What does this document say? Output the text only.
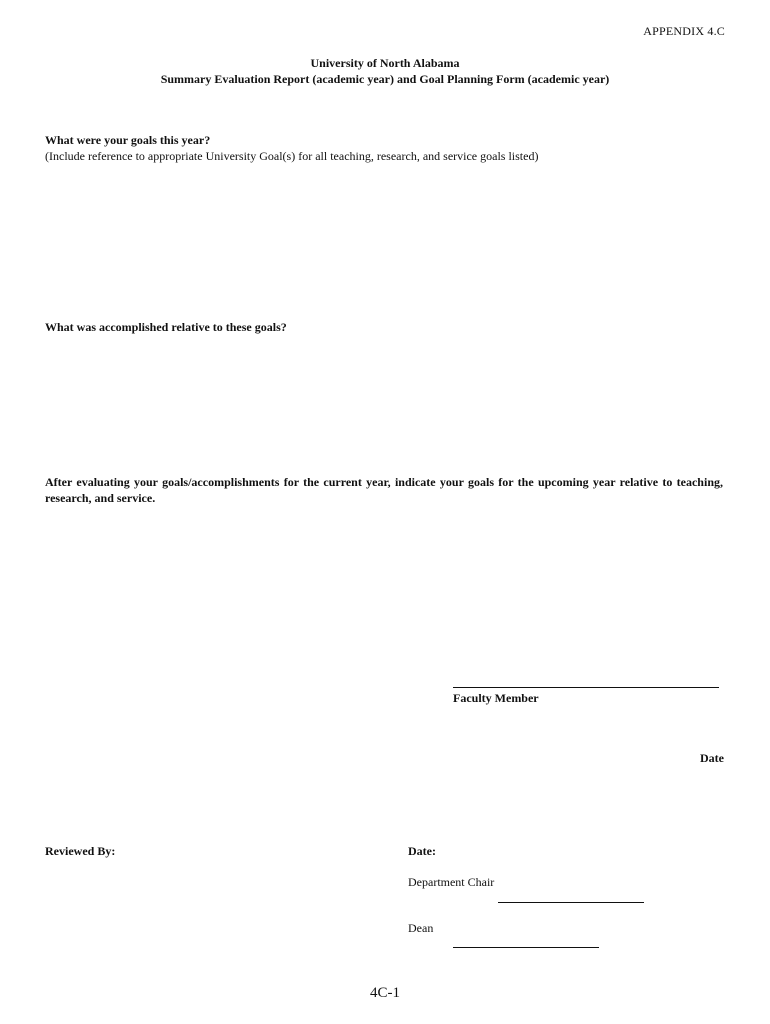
APPENDIX 4.C
University of North Alabama
Summary Evaluation Report (academic year) and Goal Planning Form (academic year)
What were your goals this year?
(Include reference to appropriate University Goal(s) for all teaching, research, and service goals listed)
What was accomplished relative to these goals?
After evaluating your goals/accomplishments for the current year, indicate your goals for the upcoming year relative to teaching, research, and service.
Faculty Member
Date
Reviewed By:	Date:
Department Chair
Dean
4C-1
